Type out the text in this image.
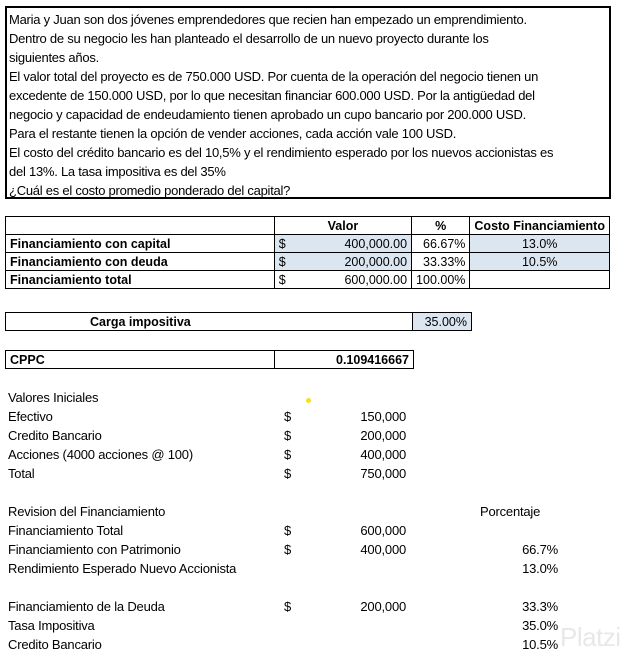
Maria y Juan son dos jóvenes emprendedores que recien han empezado un emprendimiento.
Dentro de su negocio les han planteado el desarrollo de un nuevo proyecto durante los
siguientes años.
El valor total del proyecto es de 750.000 USD. Por cuenta de la operación del negocio tienen un
excedente de 150.000 USD, por lo que necesitan financiar 600.000 USD. Por la antigüedad del
negocio y capacidad de endeudamiento tienen aprobado un cupo bancario por 200.000 USD.
Para el restante tienen la opción de vender acciones, cada acción vale 100 USD.
El costo del crédito bancario es del 10,5% y el rendimiento esperado por los nuevos accionistas es
del 13%. La tasa impositiva es del 35%
¿Cuál es el costo promedio ponderado del capital?
	Valor	%	Costo Financiamiento
Financiamiento con capital	$ 400,000.00	66.67%	13.0%
Financiamiento con deuda	$ 200,000.00	33.33%	10.5%
Financiamiento total	$ 600,000.00	100.00%	
Carga impositiva	35.00%
CPPC	0.109416667
Valores Iniciales
Efectivo	$	150,000
Credito Bancario	$	200,000
Acciones (4000 acciones @ 100)	$	400,000
Total	$	750,000
Revision del Financiamiento	Porcentaje
Financiamiento Total	$	600,000
Financiamiento con Patrimonio	$	400,000	66.7%
Rendimiento Esperado Nuevo Accionista	13.0%
Financiamiento de la Deuda	$	200,000	33.3%
Tasa Impositiva	35.0%
Credito Bancario	10.5% Platzi
